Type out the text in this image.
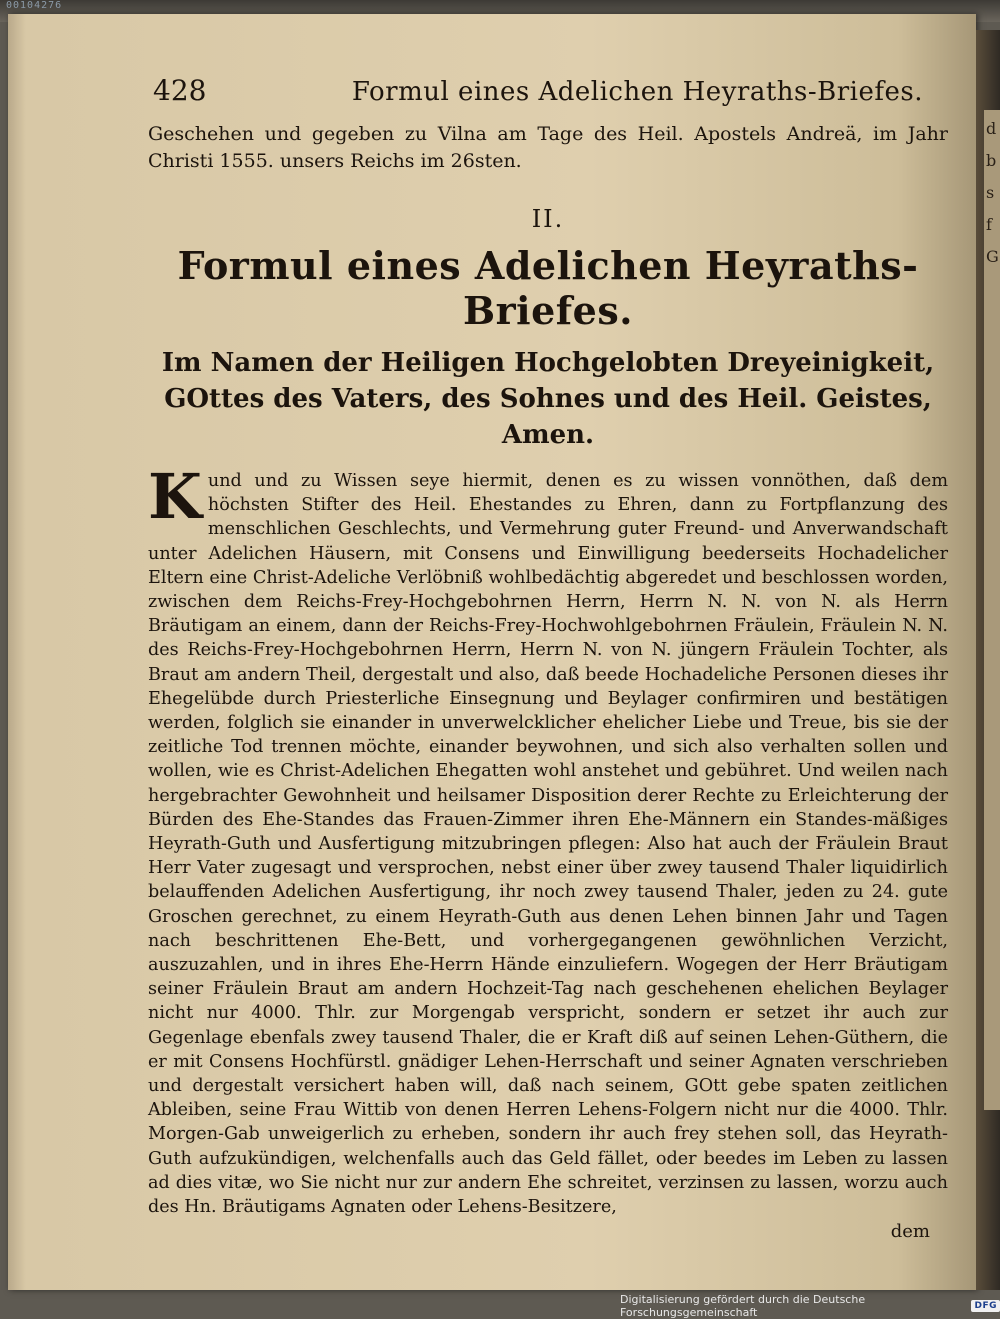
00104276
428	Formul eines Adelichen Heyraths-Briefes.
Geschehen und gegeben zu Vilna am Tage des Heil. Apostels Andreä, im Jahr Christi 1555. unsers Reichs im 26sten.
II.
Formul eines Adelichen Heyraths-Briefes.
Im Namen der Heiligen Hochgelobten Dreyeinigkeit, GOttes des Vaters, des Sohnes und des Heil. Geistes, Amen.
Kund und zu Wissen seye hiermit, denen es zu wissen vonnöthen, daß dem höchsten Stifter des Heil. Ehestandes zu Ehren, dann zu Fortpflanzung des menschlichen Geschlechts, und Vermehrung guter Freund- und Anverwandschaft unter Adelichen Häusern, mit Consens und Einwilligung beederseits Hochadelicher Eltern eine Christ-Adeliche Verlöbniß wohlbedächtig abgeredet und beschlossen worden, zwischen dem Reichs-Frey-Hochgebohrnen Herrn, Herrn N. N. von N. als Herrn Bräutigam an einem, dann der Reichs-Frey-Hochwohlgebohrnen Fräulein, Fräulein N. N. des Reichs-Frey-Hochgebohrnen Herrn, Herrn N. von N. jüngern Fräulein Tochter, als Braut am andern Theil, dergestalt und also, daß beede Hochadeliche Personen dieses ihr Ehegelübde durch Priesterliche Einsegnung und Beylager confirmiren und bestätigen werden, folglich sie einander in unverwelcklicher ehelicher Liebe und Treue, bis sie der zeitliche Tod trennen möchte, einander beywohnen, und sich also verhalten sollen und wollen, wie es Christ-Adelichen Ehegatten wohl anstehet und gebühret. Und weilen nach hergebrachter Gewohnheit und heilsamer Disposition derer Rechte zu Erleichterung der Bürden des Ehe-Standes das Frauen-Zimmer ihren Ehe-Männern ein Standes-mäßiges Heyrath-Guth und Ausfertigung mitzubringen pflegen: Also hat auch der Fräulein Braut Herr Vater zugesagt und versprochen, nebst einer über zwey tausend Thaler liquidirlich belauffenden Adelichen Ausfertigung, ihr noch zwey tausend Thaler, jeden zu 24. gute Groschen gerechnet, zu einem Heyrath-Guth aus denen Lehen binnen Jahr und Tagen nach beschrittenen Ehe-Bett, und vorhergegangenen gewöhnlichen Verzicht, auszuzahlen, und in ihres Ehe-Herrn Hände einzuliefern. Wogegen der Herr Bräutigam seiner Fräulein Braut am andern Hochzeit-Tag nach geschehenen ehelichen Beylager nicht nur 4000. Thlr. zur Morgengab verspricht, sondern er setzet ihr auch zur Gegenlage ebenfals zwey tausend Thaler, die er Kraft diß auf seinen Lehen-Güthern, die er mit Consens Hochfürstl. gnädiger Lehen-Herrschaft und seiner Agnaten verschrieben und dergestalt versichert haben will, daß nach seinem, GOtt gebe spaten zeitlichen Ableiben, seine Frau Wittib von denen Herren Lehens-Folgern nicht nur die 4000. Thlr. Morgen-Gab unweigerlich zu erheben, sondern ihr auch frey stehen soll, das Heyrath-Guth aufzukündigen, welchenfalls auch das Geld fället, oder beedes im Leben zu lassen ad dies vitæ, wo Sie nicht nur zur andern Ehe schreitet, verzinsen zu lassen, worzu auch des Hn. Bräutigams Agnaten oder Lehens-Besitzere,
dem
d
b
s
f
G
Digitalisierung gefördert durch die Deutsche Forschungsgemeinschaft	DFG
